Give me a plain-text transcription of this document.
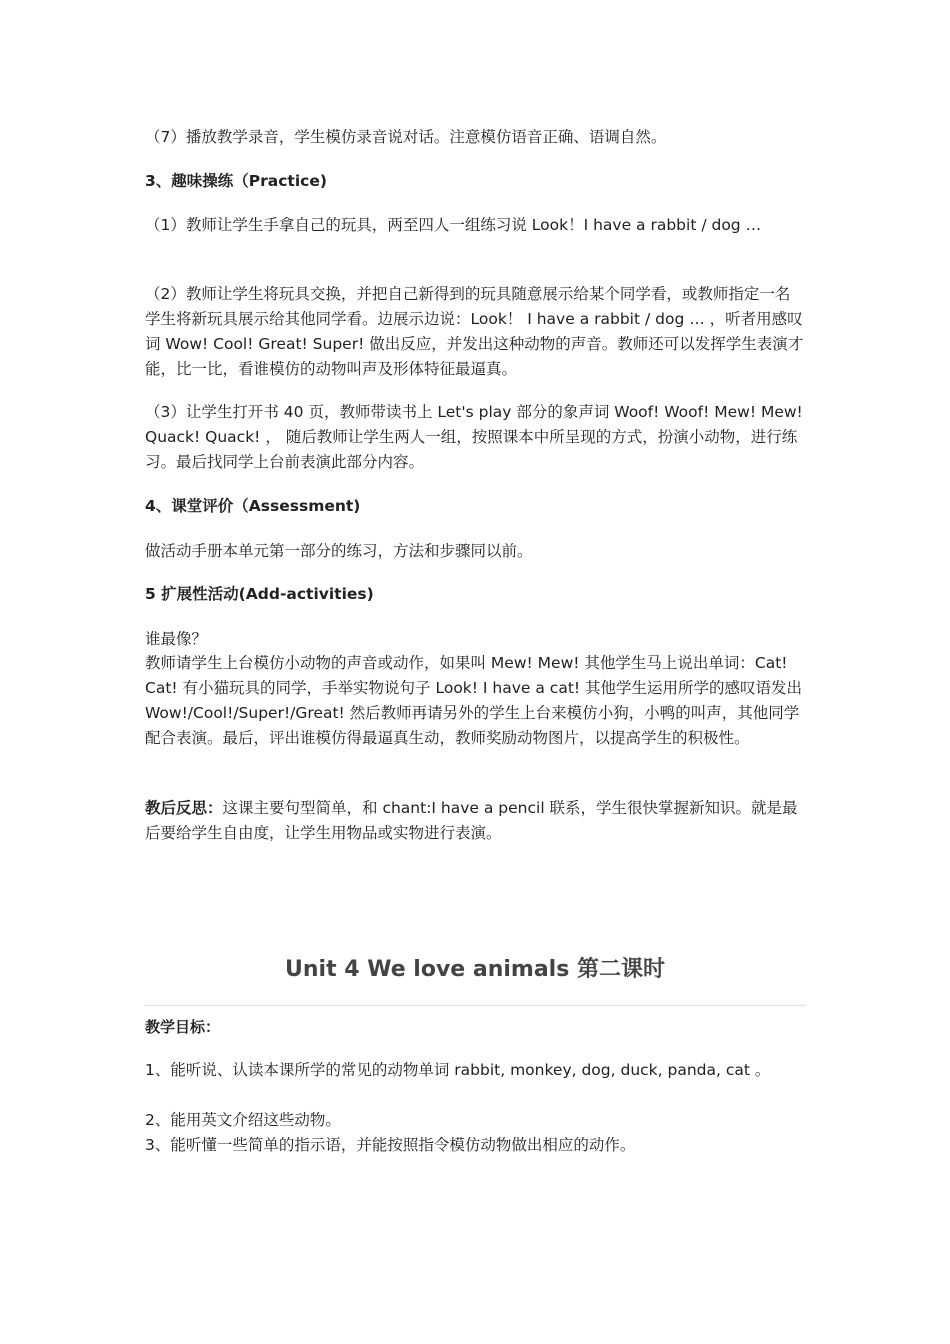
（7）播放教学录音，学生模仿录音说对话。注意模仿语音正确、语调自然。

3、趣味操练（Practice)

（1）教师让学生手拿自己的玩具，两至四人一组练习说 Look！I have a rabbit / dog …

（2）教师让学生将玩具交换，并把自己新得到的玩具随意展示给某个同学看，或教师指定一名学生将新玩具展示给其他同学看。边展示边说：Look！ I have a rabbit / dog … ，听者用感叹词 Wow! Cool! Great! Super! 做出反应，并发出这种动物的声音。教师还可以发挥学生表演才能，比一比，看谁模仿的动物叫声及形体特征最逼真。

（3）让学生打开书 40 页，教师带读书上 Let's play 部分的象声词 Woof! Woof! Mew! Mew! Quack! Quack! ， 随后教师让学生两人一组，按照课本中所呈现的方式，扮演小动物，进行练习。最后找同学上台前表演此部分内容。

4、课堂评价（Assessment)

做活动手册本单元第一部分的练习，方法和步骤同以前。

5 扩展性活动(Add-activities)

谁最像？

教师请学生上台模仿小动物的声音或动作，如果叫 Mew! Mew! 其他学生马上说出单词：Cat! Cat! 有小猫玩具的同学，手举实物说句子 Look! I have a cat! 其他学生运用所学的感叹语发出 Wow!/Cool!/Super!/Great! 然后教师再请另外的学生上台来模仿小狗，小鸭的叫声，其他同学配合表演。最后，评出谁模仿得最逼真生动，教师奖励动物图片，以提高学生的积极性。

教后反思：这课主要句型简单，和 chant:I have a pencil 联系，学生很快掌握新知识。就是最后要给学生自由度，让学生用物品或实物进行表演。

Unit 4 We love animals 第二课时

教学目标：

1、能听说、认读本课所学的常见的动物单词 rabbit, monkey, dog, duck, panda, cat 。

2、能用英文介绍这些动物。

3、能听懂一些简单的指示语，并能按照指令模仿动物做出相应的动作。
